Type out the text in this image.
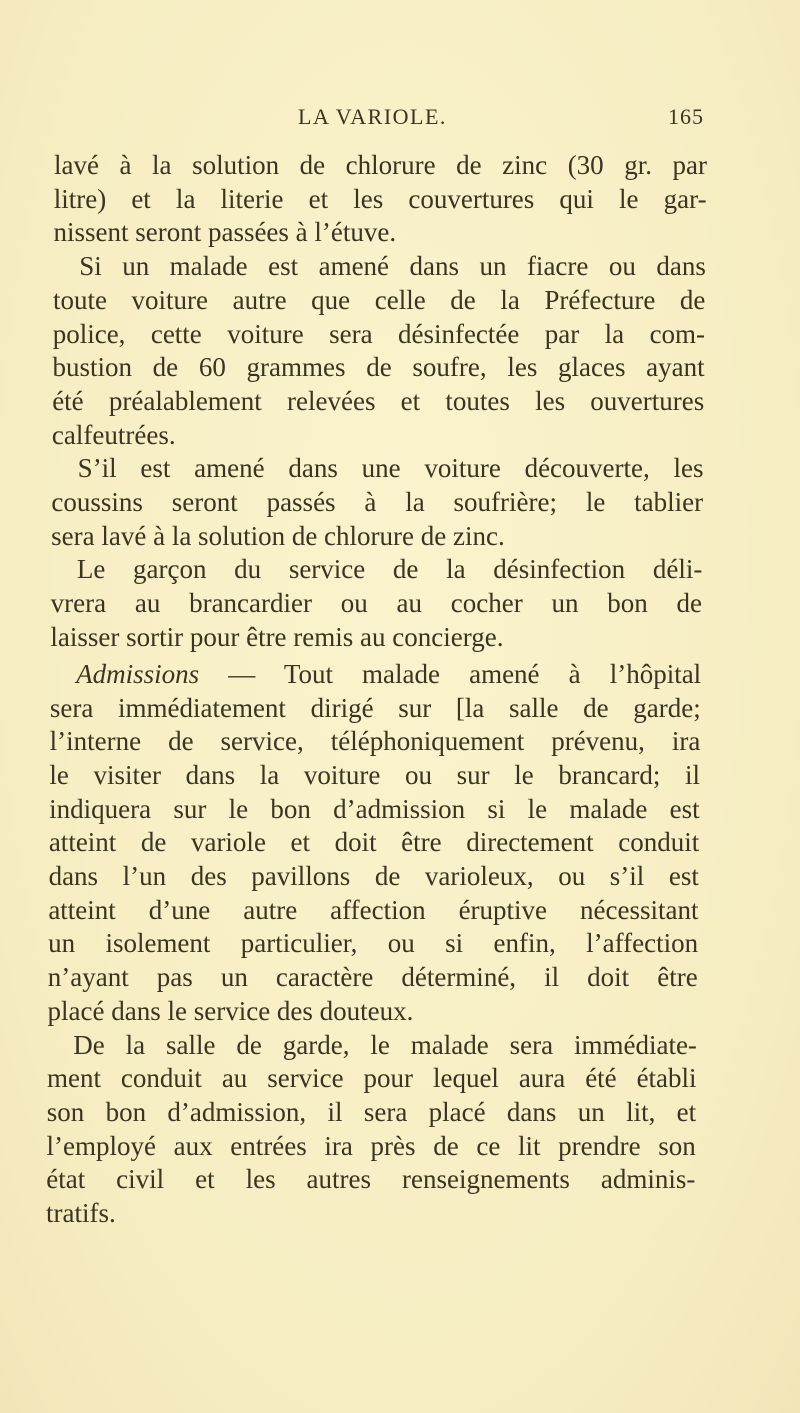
LA VARIOLE.	165
lavé à la solution de chlorure de zinc (30 gr. par
litre) et la literie et les couvertures qui le gar-
nissent seront passées à l’étuve.
Si un malade est amené dans un fiacre ou dans
toute voiture autre que celle de la Préfecture de
police, cette voiture sera désinfectée par la com-
bustion de 60 grammes de soufre, les glaces ayant
été préalablement relevées et toutes les ouvertures
calfeutrées.
S’il est amené dans une voiture découverte, les
coussins seront passés à la soufrière; le tablier
sera lavé à la solution de chlorure de zinc.
Le garçon du service de la désinfection déli-
vrera au brancardier ou au cocher un bon de
laisser sortir pour être remis au concierge.
Admissions — Tout malade amené à l’hôpital
sera immédiatement dirigé sur [la salle de garde;
l’interne de service, téléphoniquement prévenu, ira
le visiter dans la voiture ou sur le brancard; il
indiquera sur le bon d’admission si le malade est
atteint de variole et doit être directement conduit
dans l’un des pavillons de varioleux, ou s’il est
atteint d’une autre affection éruptive nécessitant
un isolement particulier, ou si enfin, l’affection
n’ayant pas un caractère déterminé, il doit être
placé dans le service des douteux.
De la salle de garde, le malade sera immédiate-
ment conduit au service pour lequel aura été établi
son bon d’admission, il sera placé dans un lit, et
l’employé aux entrées ira près de ce lit prendre son
état civil et les autres renseignements adminis-
tratifs.
